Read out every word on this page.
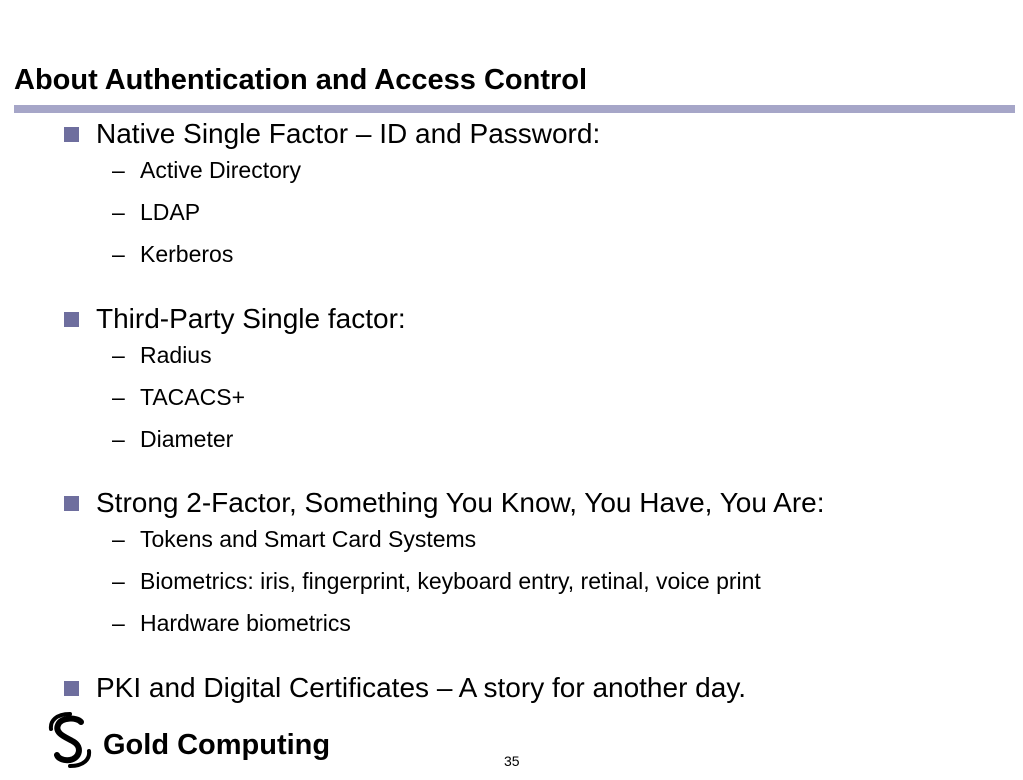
About Authentication and Access Control
Native Single Factor – ID and Password:
– Active Directory
– LDAP
– Kerberos
Third-Party Single factor:
– Radius
– TACACS+
– Diameter
Strong 2-Factor, Something You Know, You Have, You Are:
– Tokens and Smart Card Systems
– Biometrics: iris, fingerprint, keyboard entry, retinal, voice print
– Hardware biometrics
PKI and Digital Certificates – A story for another day.
Gold Computing	35
